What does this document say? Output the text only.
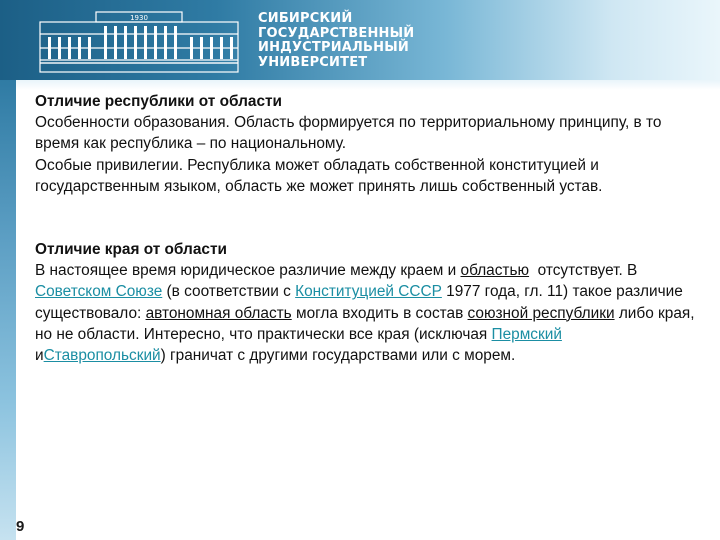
1930	СИБИРСКИЙ
ГОСУДАРСТВЕННЫЙ
ИНДУСТРИАЛЬНЫЙ
УНИВЕРСИТЕТ
9

Отличие республики от области

Особенности образования. Область формируется по территориальному принципу, в то время как республика – по национальному.

Особые привилегии. Республика может обладать собственной конституцией и государственным языком, область же может принять лишь собственный устав.

Отличие края от области

В настоящее время юридическое различие между краем и областью  отсутствует. В Советском Союзе (в соответствии с Конституцией СССР 1977 года, гл. 11) такое различие существовало: автономная область могла входить в состав союзной республики либо края, но не области. Интересно, что практически все края (исключая Пермский иСтавропольский) граничат с другими государствами или с морем.
